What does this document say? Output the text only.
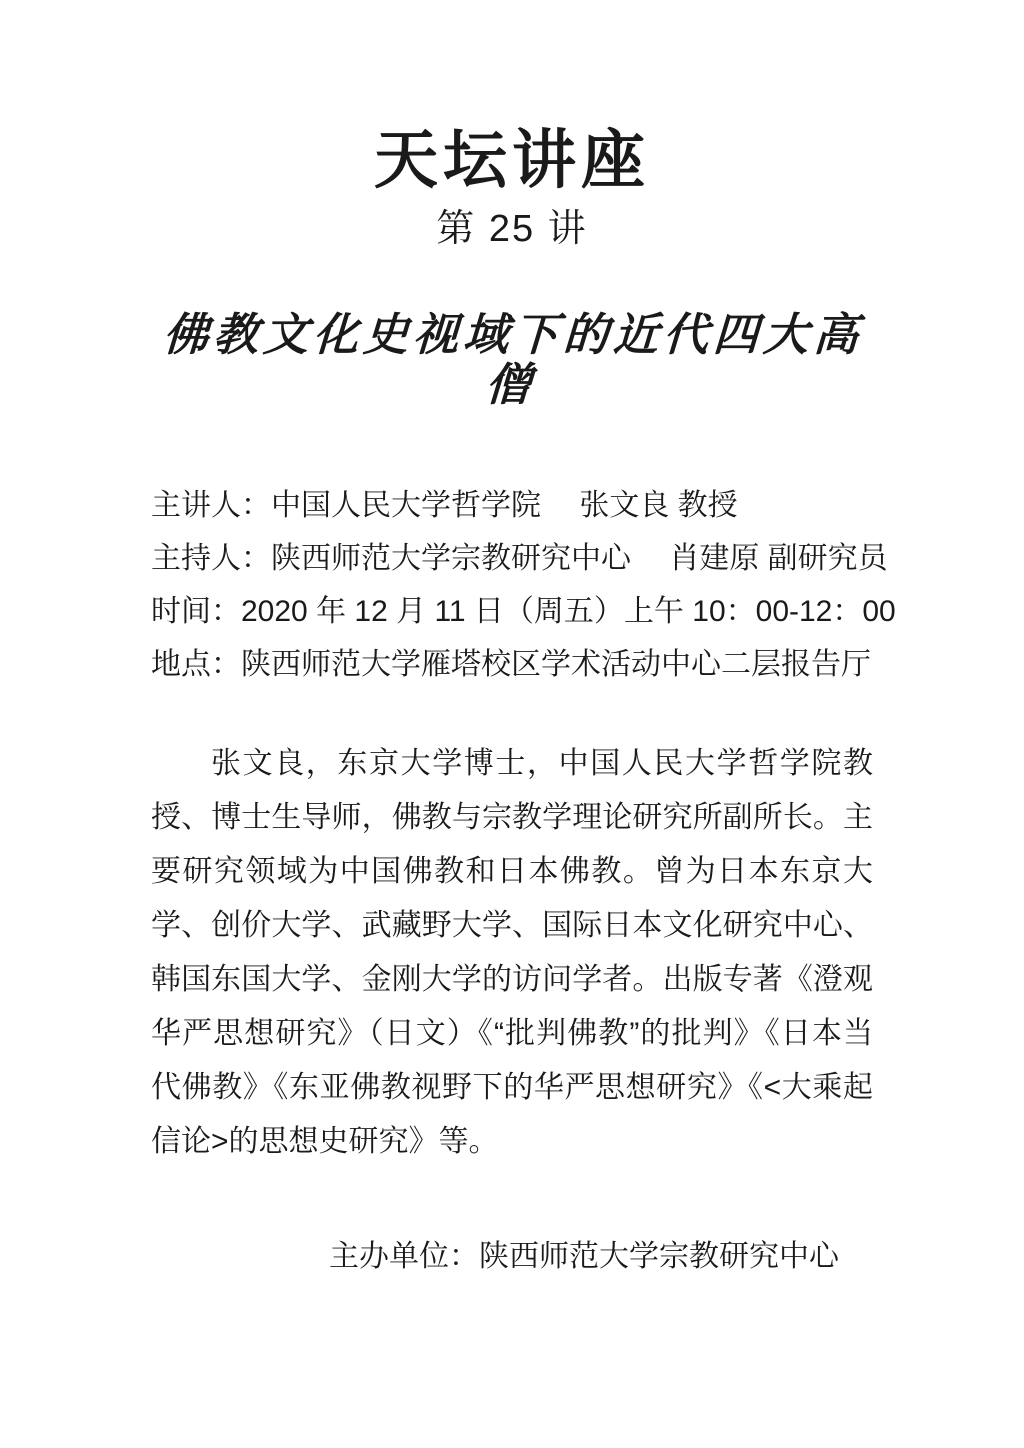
天坛讲座
第 25 讲
佛教文化史视域下的近代四大高僧

主讲人：中国人民大学哲学院　 张文良 教授

主持人：陕西师范大学宗教研究中心　 肖建原 副研究员

时间：2020 年 12 月 11 日（周五）上午 10：00-12：00

地点：陕西师范大学雁塔校区学术活动中心二层报告厅

张文良，东京大学博士，中国人民大学哲学院教授、博士生导师，佛教与宗教学理论研究所副所长。主要研究领域为中国佛教和日本佛教。曾为日本东京大学、创价大学、武藏野大学、国际日本文化研究中心、韩国东国大学、金刚大学的访问学者。出版专著《澄观华严思想研究》（日文）《“批判佛教”的批判》《日本当代佛教》《东亚佛教视野下的华严思想研究》《<大乘起信论>的思想史研究》等。

主办单位：陕西师范大学宗教研究中心
